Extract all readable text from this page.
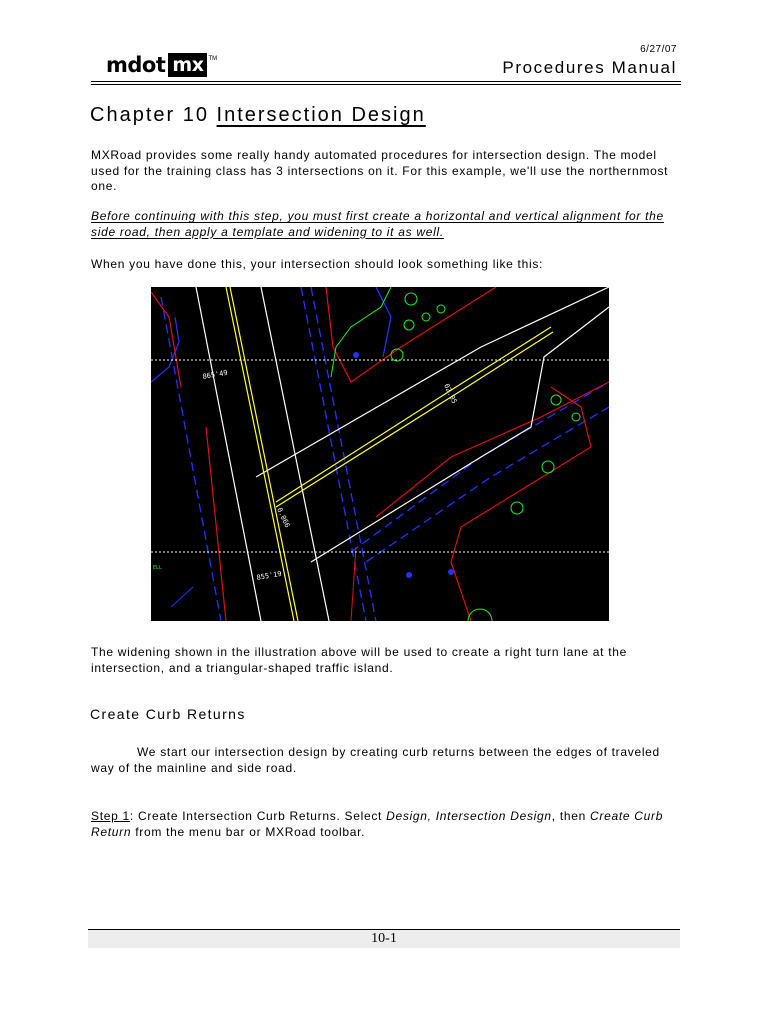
mdot mx TM
6/27/07
Procedures Manual
Chapter 10 Intersection Design
MXRoad provides some really handy automated procedures for intersection design. The model used for the training class has 3 intersections on it. For this example, we'll use the northernmost one.
Before continuing with this step, you must first create a horizontal and vertical alignment for the side road, then apply a template and widening to it as well.
When you have done this, your intersection should look something like this:
865'49
02.05
855'19
0.066
ELL
The widening shown in the illustration above will be used to create a right turn lane at the intersection, and a triangular-shaped traffic island.
Create Curb Returns
We start our intersection design by creating curb returns between the edges of traveled way of the mainline and side road.
Step 1: Create Intersection Curb Returns. Select Design, Intersection Design, then Create Curb Return from the menu bar or MXRoad toolbar.
10-1
